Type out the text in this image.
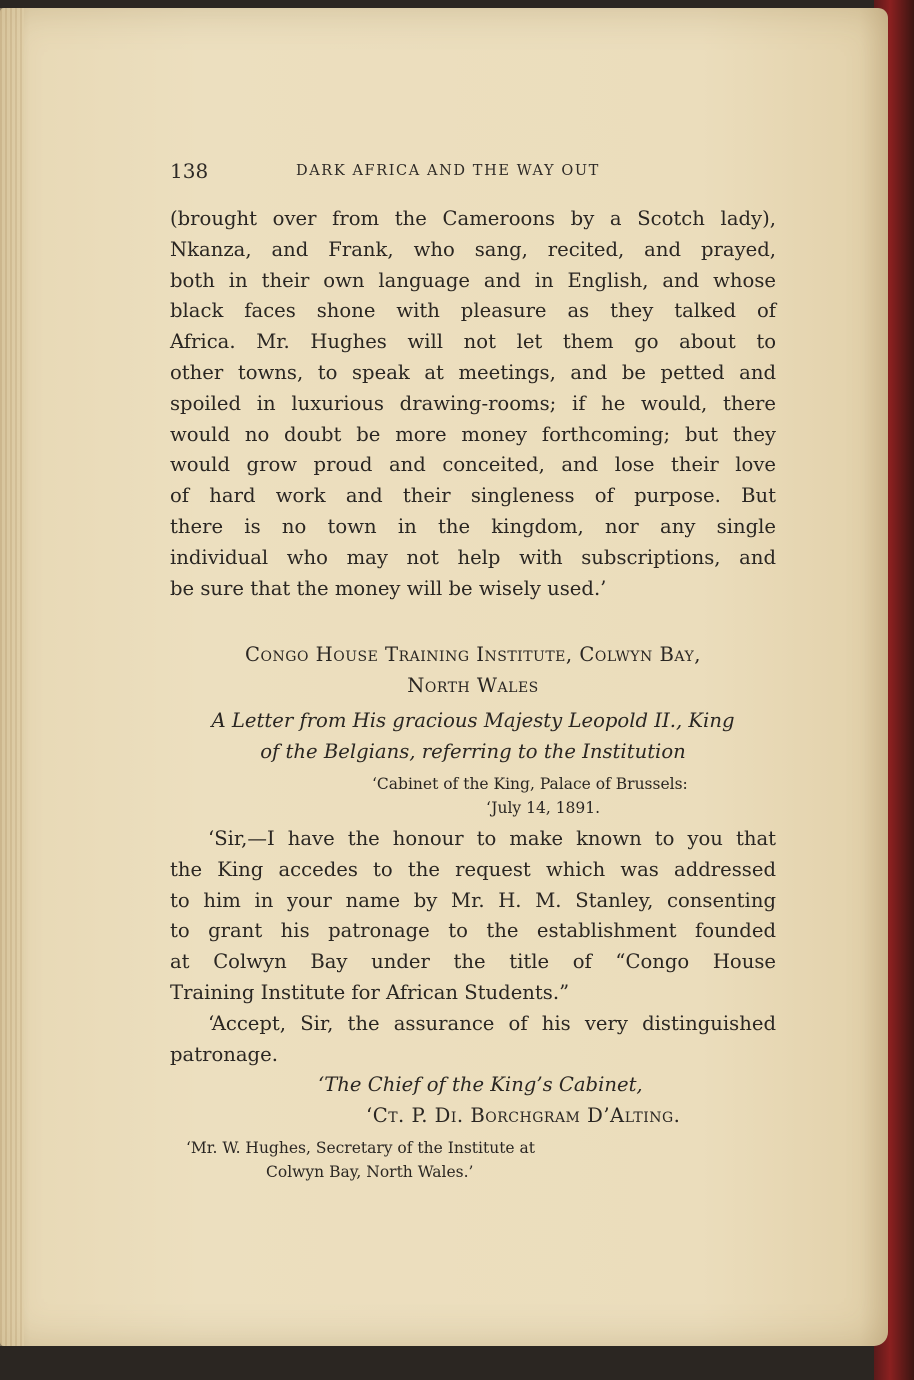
138	DARK AFRICA AND THE WAY OUT
(brought over from the Cameroons by a Scotch lady),
Nkanza, and Frank, who sang, recited, and prayed,
both in their own language and in English, and whose
black faces shone with pleasure as they talked of
Africa. Mr. Hughes will not let them go about to
other towns, to speak at meetings, and be petted and
spoiled in luxurious drawing-rooms; if he would, there
would no doubt be more money forthcoming; but they
would grow proud and conceited, and lose their love
of hard work and their singleness of purpose. But
there is no town in the kingdom, nor any single
individual who may not help with subscriptions, and
be sure that the money will be wisely used.’
Congo House Training Institute, Colwyn Bay,
North Wales
A Letter from His gracious Majesty Leopold II., King
of the Belgians, referring to the Institution
‘Cabinet of the King, Palace of Brussels:
‘July 14, 1891.
‘Sir,—I have the honour to make known to you that
the King accedes to the request which was addressed
to him in your name by Mr. H. M. Stanley, consenting
to grant his patronage to the establishment founded
at Colwyn Bay under the title of “Congo House
Training Institute for African Students.”
‘Accept, Sir, the assurance of his very distinguished
patronage.
‘The Chief of the King’s Cabinet,
‘Ct. P. Di. Borchgram D’Alting.
‘Mr. W. Hughes, Secretary of the Institute at
Colwyn Bay, North Wales.’
